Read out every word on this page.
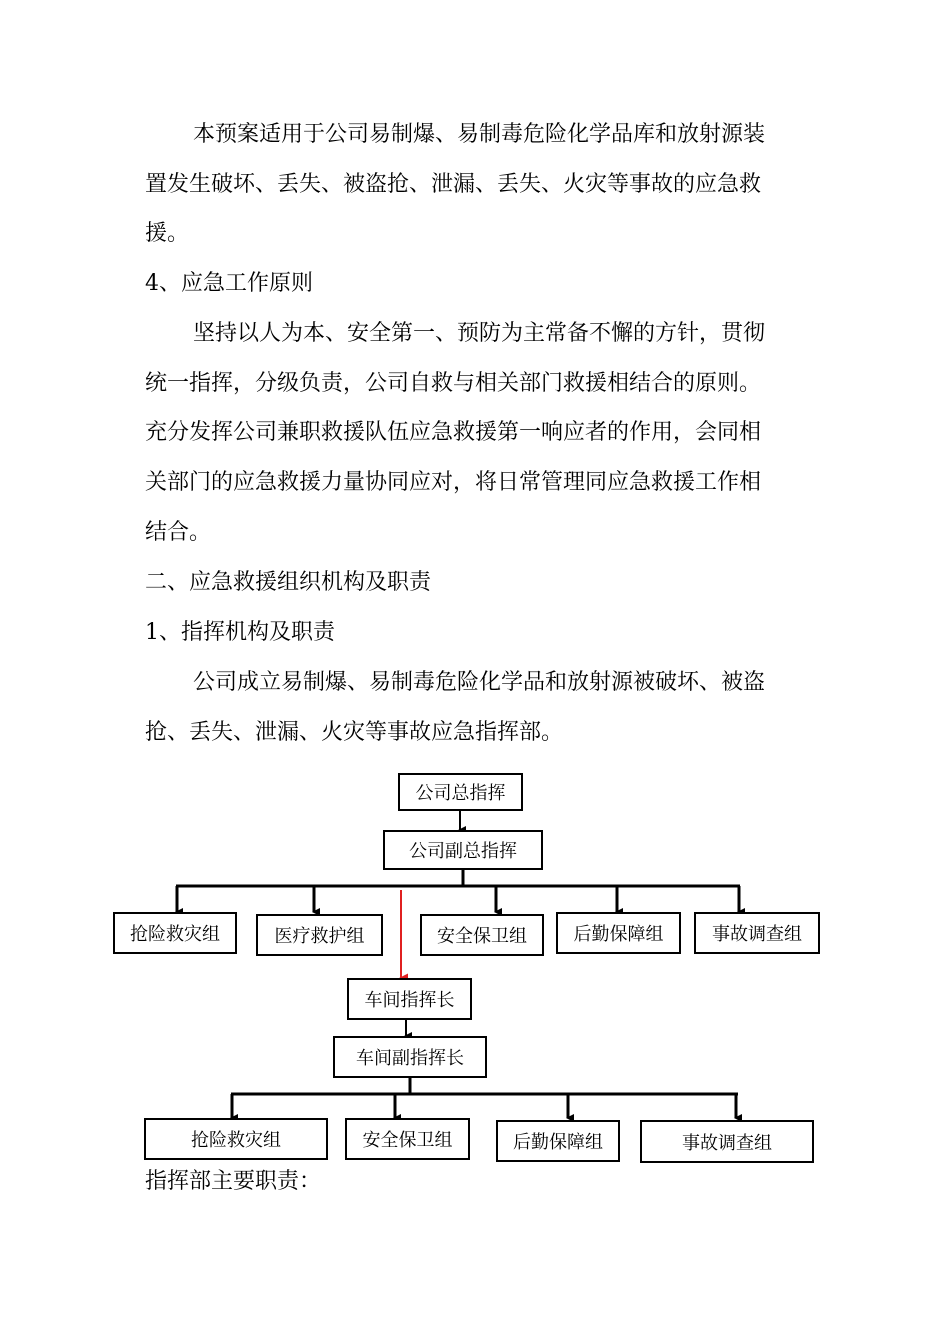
本预案适用于公司易制爆、易制毒危险化学品库和放射源装
置发生破坏、丢失、被盗抢、泄漏、丢失、火灾等事故的应急救
援。
4、应急工作原则
坚持以人为本、安全第一、预防为主常备不懈的方针，贯彻
统一指挥，分级负责，公司自救与相关部门救援相结合的原则。
充分发挥公司兼职救援队伍应急救援第一响应者的作用，会同相
关部门的应急救援力量协同应对，将日常管理同应急救援工作相
结合。
二、应急救援组织机构及职责
1、指挥机构及职责
公司成立易制爆、易制毒危险化学品和放射源被破坏、被盗
抢、丢失、泄漏、火灾等事故应急指挥部。
公司总指挥
公司副总指挥
抢险救灾组	医疗救护组	安全保卫组	后勤保障组	事故调查组
车间指挥长
车间副指挥长
抢险救灾组	安全保卫组	后勤保障组	事故调查组
指挥部主要职责：
